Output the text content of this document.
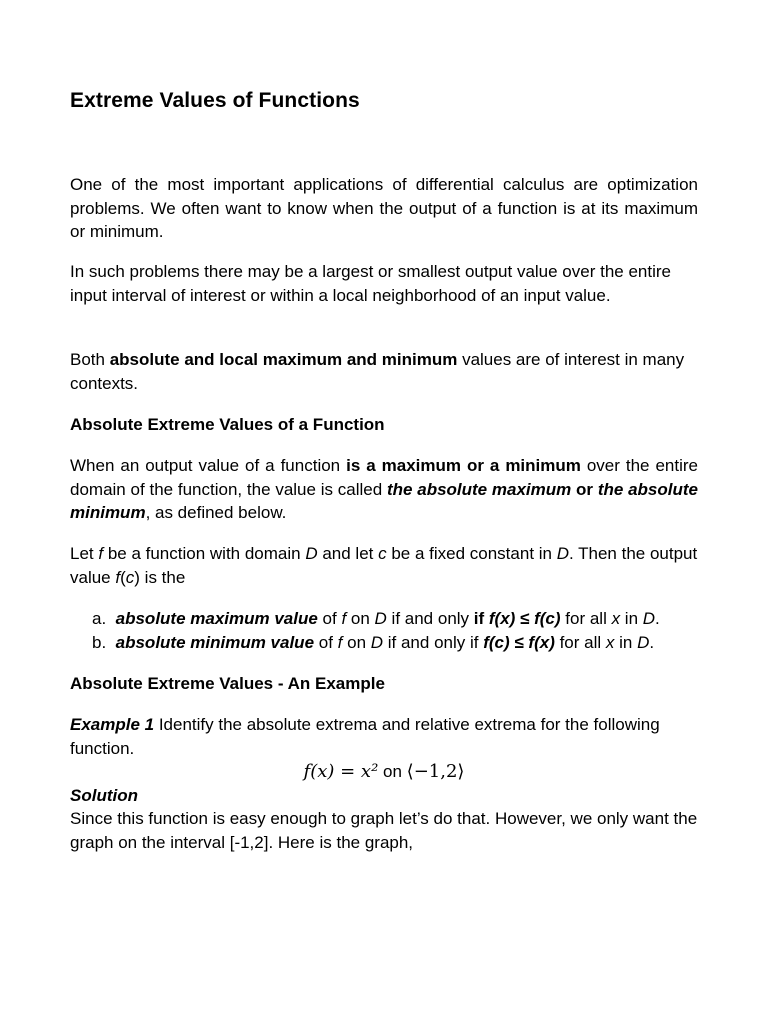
Extreme Values of Functions

One of the most important applications of differential calculus are optimization problems. We often want to know when the output of a function is at its maximum or minimum.

In such problems there may be a largest or smallest output value over the entire input interval of interest or within a local neighborhood of an input value.

Both absolute and local maximum and minimum values are of interest in many contexts.

Absolute Extreme Values of a Function

When an output value of a function is a maximum or a minimum over the entire domain of the function, the value is called the absolute maximum or the absolute minimum, as defined below.

Let f be a function with domain D and let c be a fixed constant in D. Then the output value f(c) is the

a. absolute maximum value of f on D if and only if f(x) ≤ f(c) for all x in D.
b. absolute minimum value of f on D if and only if f(c) ≤ f(x) for all x in D.
Absolute Extreme Values - An Example

Example 1 Identify the absolute extrema and relative extrema for the following function.

f(x) = x² on ⟨−1,2⟩

Solution

Since this function is easy enough to graph let’s do that. However, we only want the graph on the interval [-1,2]. Here is the graph,
